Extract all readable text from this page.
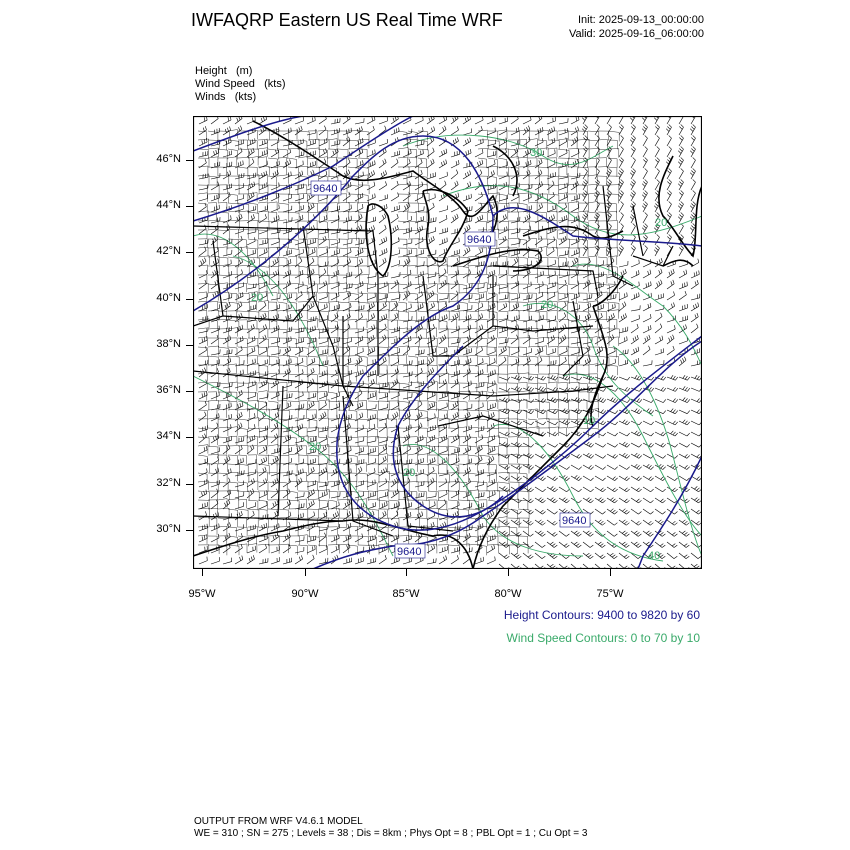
IWFAQRP Eastern US Real Time WRF	Init: 2025-09-13_00:00:00
Valid: 2025-09-16_06:00:00
Height   (m)
Wind Speed   (kts)
Winds   (kts)
9640
9640
9640
9640
30
20
20
20
10
20
20
40
46°N
44°N
42°N
40°N
38°N
36°N
34°N
32°N
30°N
95°W	90°W	85°W	80°W	75°W
Height Contours: 9400 to 9820 by 60
Wind Speed Contours: 0 to 70 by 10
OUTPUT FROM WRF V4.6.1 MODEL
WE = 310 ; SN = 275 ; Levels = 38 ; Dis = 8km ; Phys Opt = 8 ; PBL Opt = 1 ; Cu Opt = 3
